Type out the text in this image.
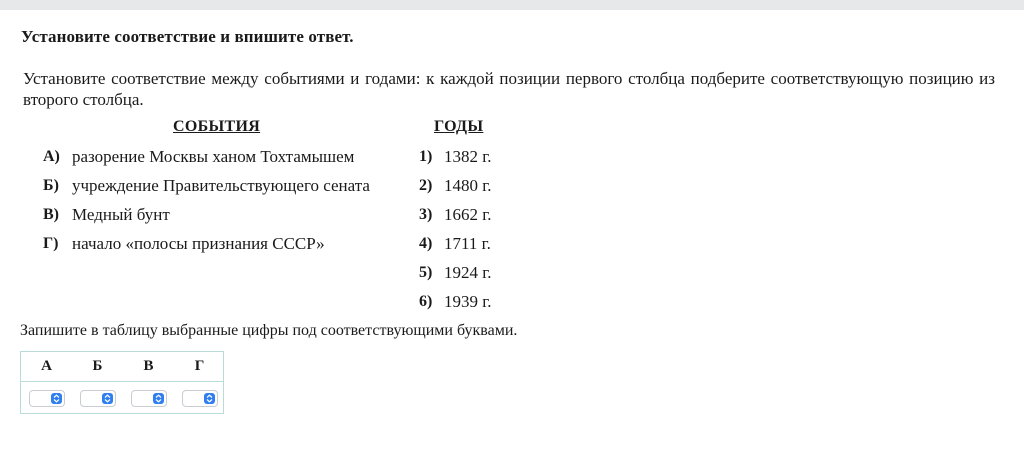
Установите соответствие и впишите ответ.
Установите соответствие между событиями и годами: к каждой позиции первого столбца подберите соответствующую позицию из второго столбца.
СОБЫТИЯ	ГОДЫ
А) разорение Москвы ханом Тохтамышем
Б) учреждение Правительствующего сената
В) Медный бунт
Г) начало «полосы признания СССР»
1) 1382 г.
2) 1480 г.
3) 1662 г.
4) 1711 г.
5) 1924 г.
6) 1939 г.
Запишите в таблицу выбранные цифры под соответствующими буквами.
А	Б	В	Г
